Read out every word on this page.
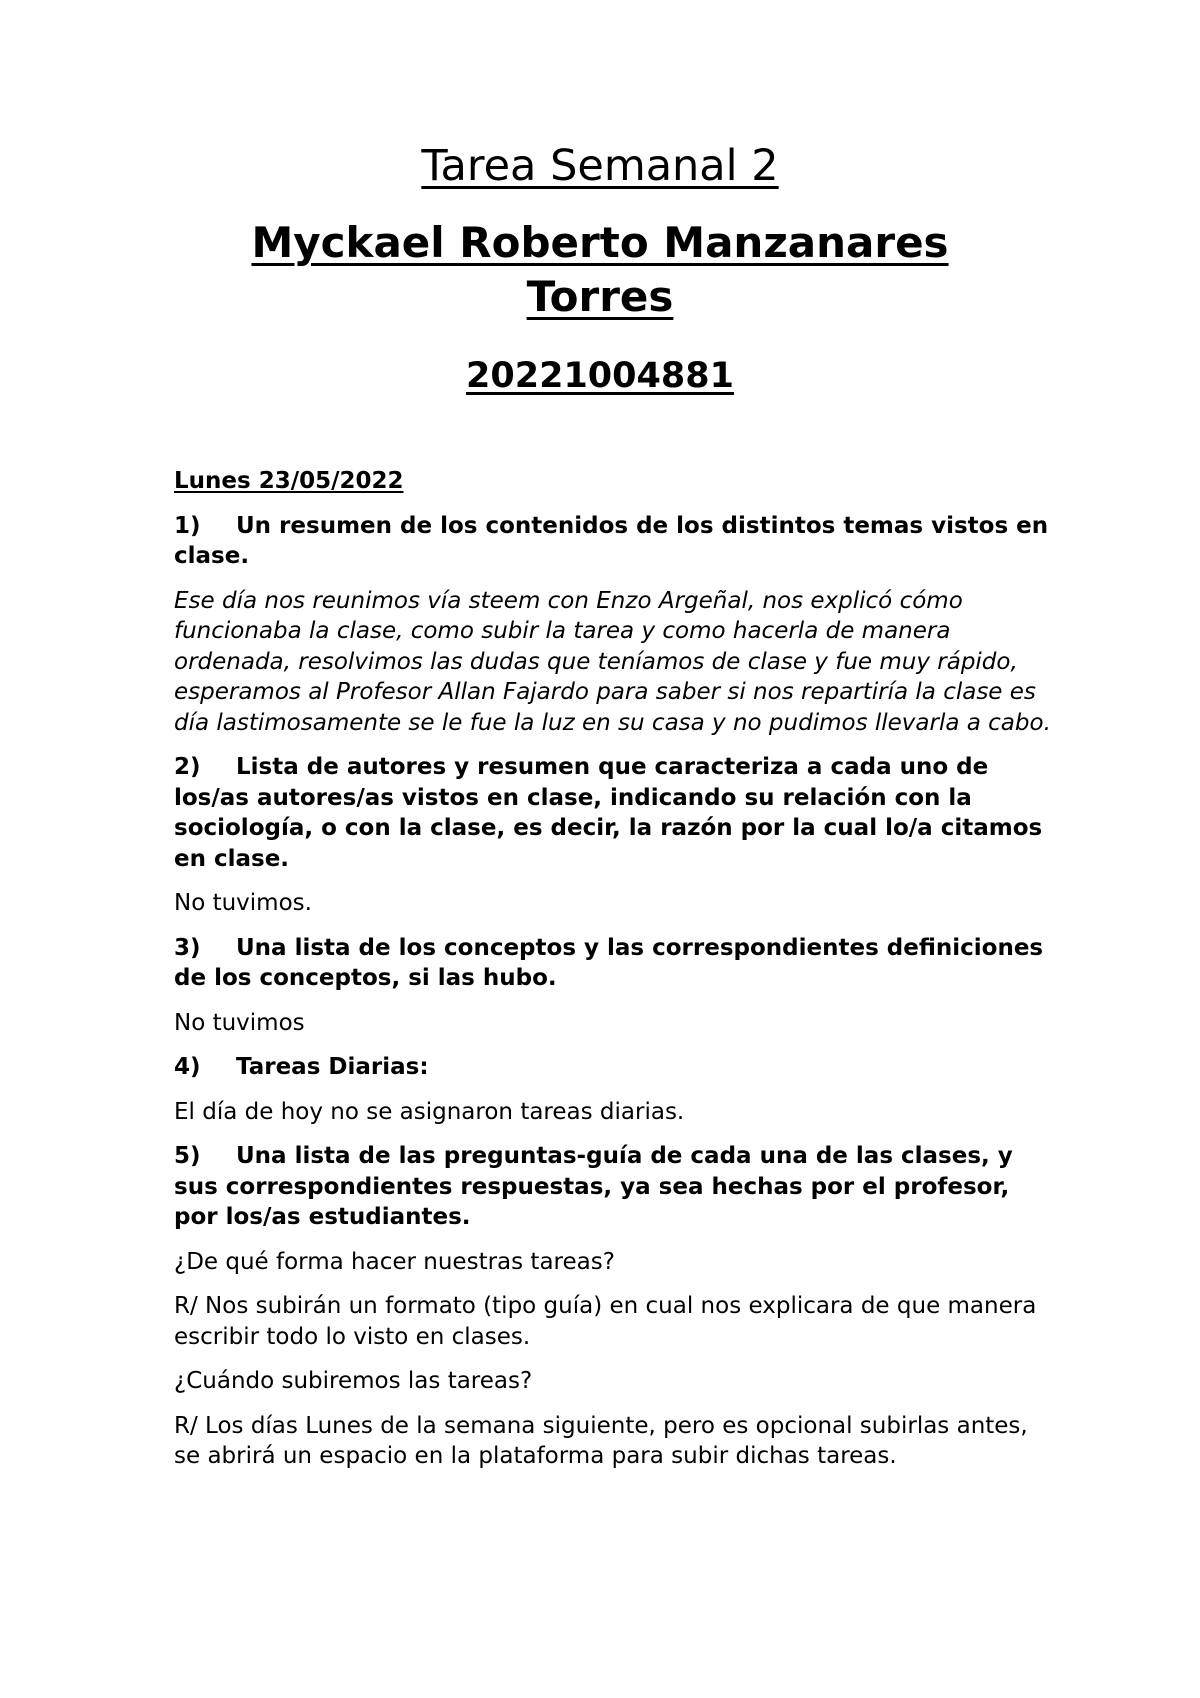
Tarea Semanal 2
Myckael Roberto Manzanares Torres
20221004881
Lunes 23/05/2022
1) Un resumen de los contenidos de los distintos temas vistos en clase.
Ese día nos reunimos vía steem con Enzo Argeñal, nos explicó cómo funcionaba la clase, como subir la tarea y como hacerla de manera ordenada, resolvimos las dudas que teníamos de clase y fue muy rápido, esperamos al Profesor Allan Fajardo para saber si nos repartiría la clase es día lastimosamente se le fue la luz en su casa y no pudimos llevarla a cabo.
2) Lista de autores y resumen que caracteriza a cada uno de los/as autores/as vistos en clase, indicando su relación con la sociología, o con la clase, es decir, la razón por la cual lo/a citamos en clase.
No tuvimos.
3) Una lista de los conceptos y las correspondientes definiciones de los conceptos, si las hubo.
No tuvimos
4) Tareas Diarias:
El día de hoy no se asignaron tareas diarias.
5) Una lista de las preguntas-guía de cada una de las clases, y sus correspondientes respuestas, ya sea hechas por el profesor, por los/as estudiantes.
¿De qué forma hacer nuestras tareas?
R/ Nos subirán un formato (tipo guía) en cual nos explicara de que manera escribir todo lo visto en clases.
¿Cuándo subiremos las tareas?
R/ Los días Lunes de la semana siguiente, pero es opcional subirlas antes, se abrirá un espacio en la plataforma para subir dichas tareas.
